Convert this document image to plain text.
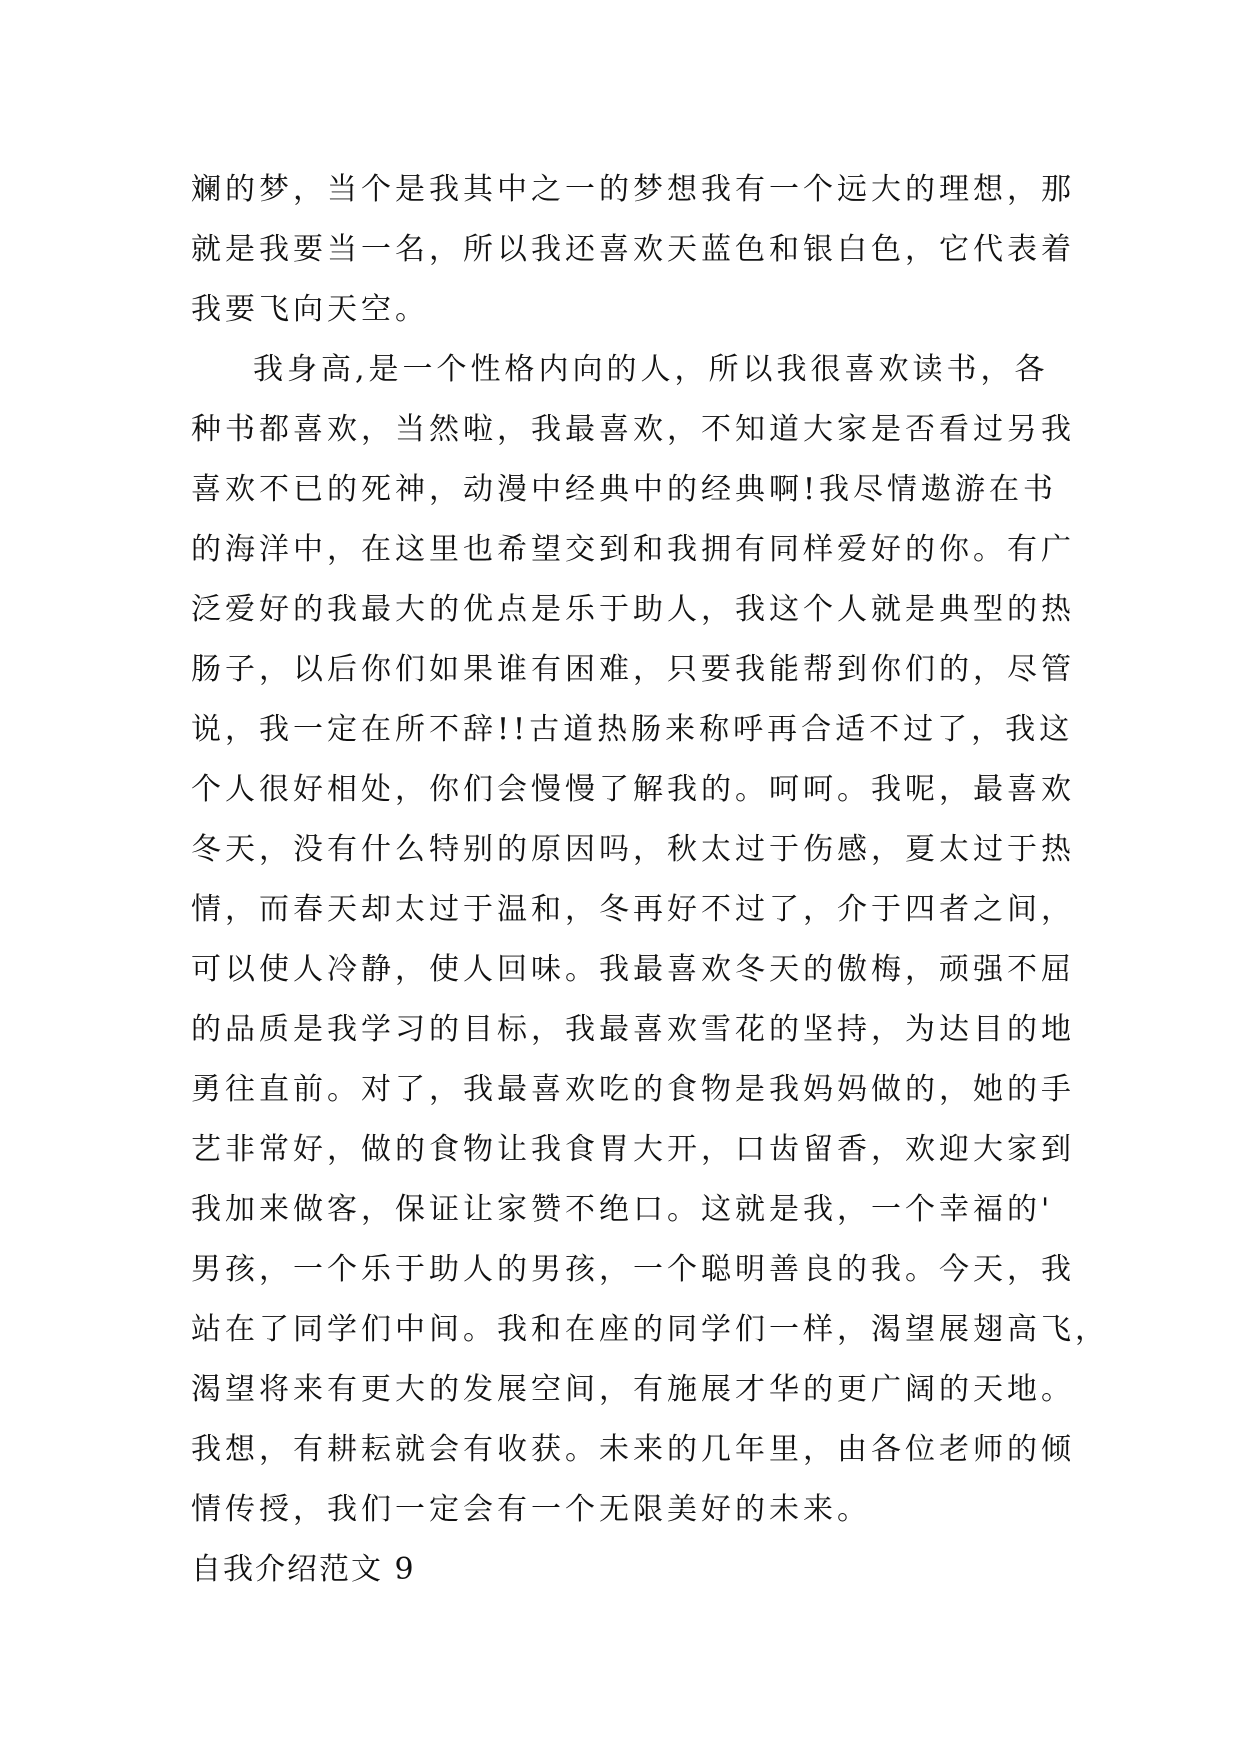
斓的梦，当个是我其中之一的梦想我有一个远大的理想，那
就是我要当一名，所以我还喜欢天蓝色和银白色，它代表着
我要飞向天空。
我身高,是一个性格内向的人，所以我很喜欢读书，各
种书都喜欢，当然啦，我最喜欢，不知道大家是否看过另我
喜欢不已的死神，动漫中经典中的经典啊!我尽情遨游在书
的海洋中，在这里也希望交到和我拥有同样爱好的你。有广
泛爱好的我最大的优点是乐于助人，我这个人就是典型的热
肠子，以后你们如果谁有困难，只要我能帮到你们的，尽管
说，我一定在所不辞!!古道热肠来称呼再合适不过了，我这
个人很好相处，你们会慢慢了解我的。呵呵。我呢，最喜欢
冬天，没有什么特别的原因吗，秋太过于伤感，夏太过于热
情，而春天却太过于温和，冬再好不过了，介于四者之间，
可以使人冷静，使人回味。我最喜欢冬天的傲梅，顽强不屈
的品质是我学习的目标，我最喜欢雪花的坚持，为达目的地
勇往直前。对了，我最喜欢吃的食物是我妈妈做的，她的手
艺非常好，做的食物让我食胃大开，口齿留香，欢迎大家到
我加来做客，保证让家赞不绝口。这就是我，一个幸福的'
男孩，一个乐于助人的男孩，一个聪明善良的我。今天，我
站在了同学们中间。我和在座的同学们一样，渴望展翅高飞，
渴望将来有更大的发展空间，有施展才华的更广阔的天地。
我想，有耕耘就会有收获。未来的几年里，由各位老师的倾
情传授，我们一定会有一个无限美好的未来。
自我介绍范文 9
